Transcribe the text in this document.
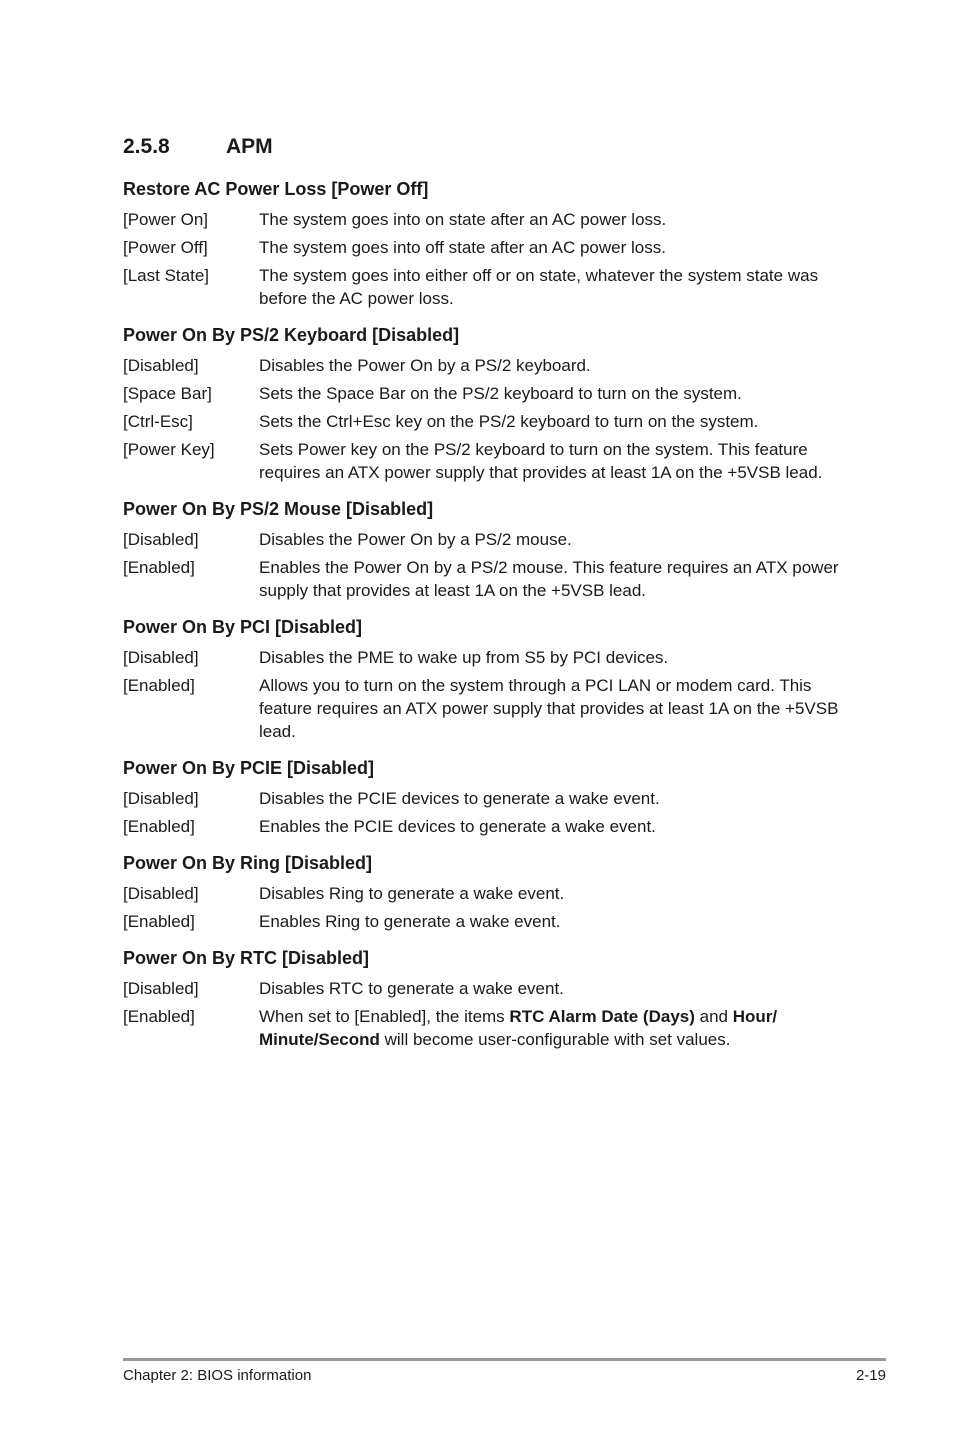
2.5.8	APM
Restore AC Power Loss [Power Off]
[Power On]	The system goes into on state after an AC power loss.
[Power Off]	The system goes into off state after an AC power loss.
[Last State]	The system goes into either off or on state, whatever the system state was before the AC power loss.
Power On By PS/2 Keyboard [Disabled]
[Disabled]	Disables the Power On by a PS/2 keyboard.
[Space Bar]	Sets the Space Bar on the PS/2 keyboard to turn on the system.
[Ctrl-Esc]	Sets the Ctrl+Esc key on the PS/2 keyboard to turn on the system.
[Power Key]	Sets Power key on the PS/2 keyboard to turn on the system. This feature requires an ATX power supply that provides at least 1A on the +5VSB lead.
Power On By PS/2 Mouse [Disabled]
[Disabled]	Disables the Power On by a PS/2 mouse.
[Enabled]	Enables the Power On by a PS/2 mouse. This feature requires an ATX power supply that provides at least 1A on the +5VSB lead.
Power On By PCI [Disabled]
[Disabled]	Disables the PME to wake up from S5 by PCI devices.
[Enabled]	Allows you to turn on the system through a PCI LAN or modem card. This feature requires an ATX power supply that provides at least 1A on the +5VSB lead.
Power On By PCIE [Disabled]
[Disabled]	Disables the PCIE devices to generate a wake event.
[Enabled]	Enables the PCIE devices to generate a wake event.
Power On By Ring [Disabled]
[Disabled]	Disables Ring to generate a wake event.
[Enabled]	Enables Ring to generate a wake event.
Power On By RTC [Disabled]
[Disabled]	Disables RTC to generate a wake event.
[Enabled]	When set to [Enabled], the items RTC Alarm Date (Days) and Hour/ Minute/Second will become user-configurable with set values.
Chapter 2: BIOS information	2-19
